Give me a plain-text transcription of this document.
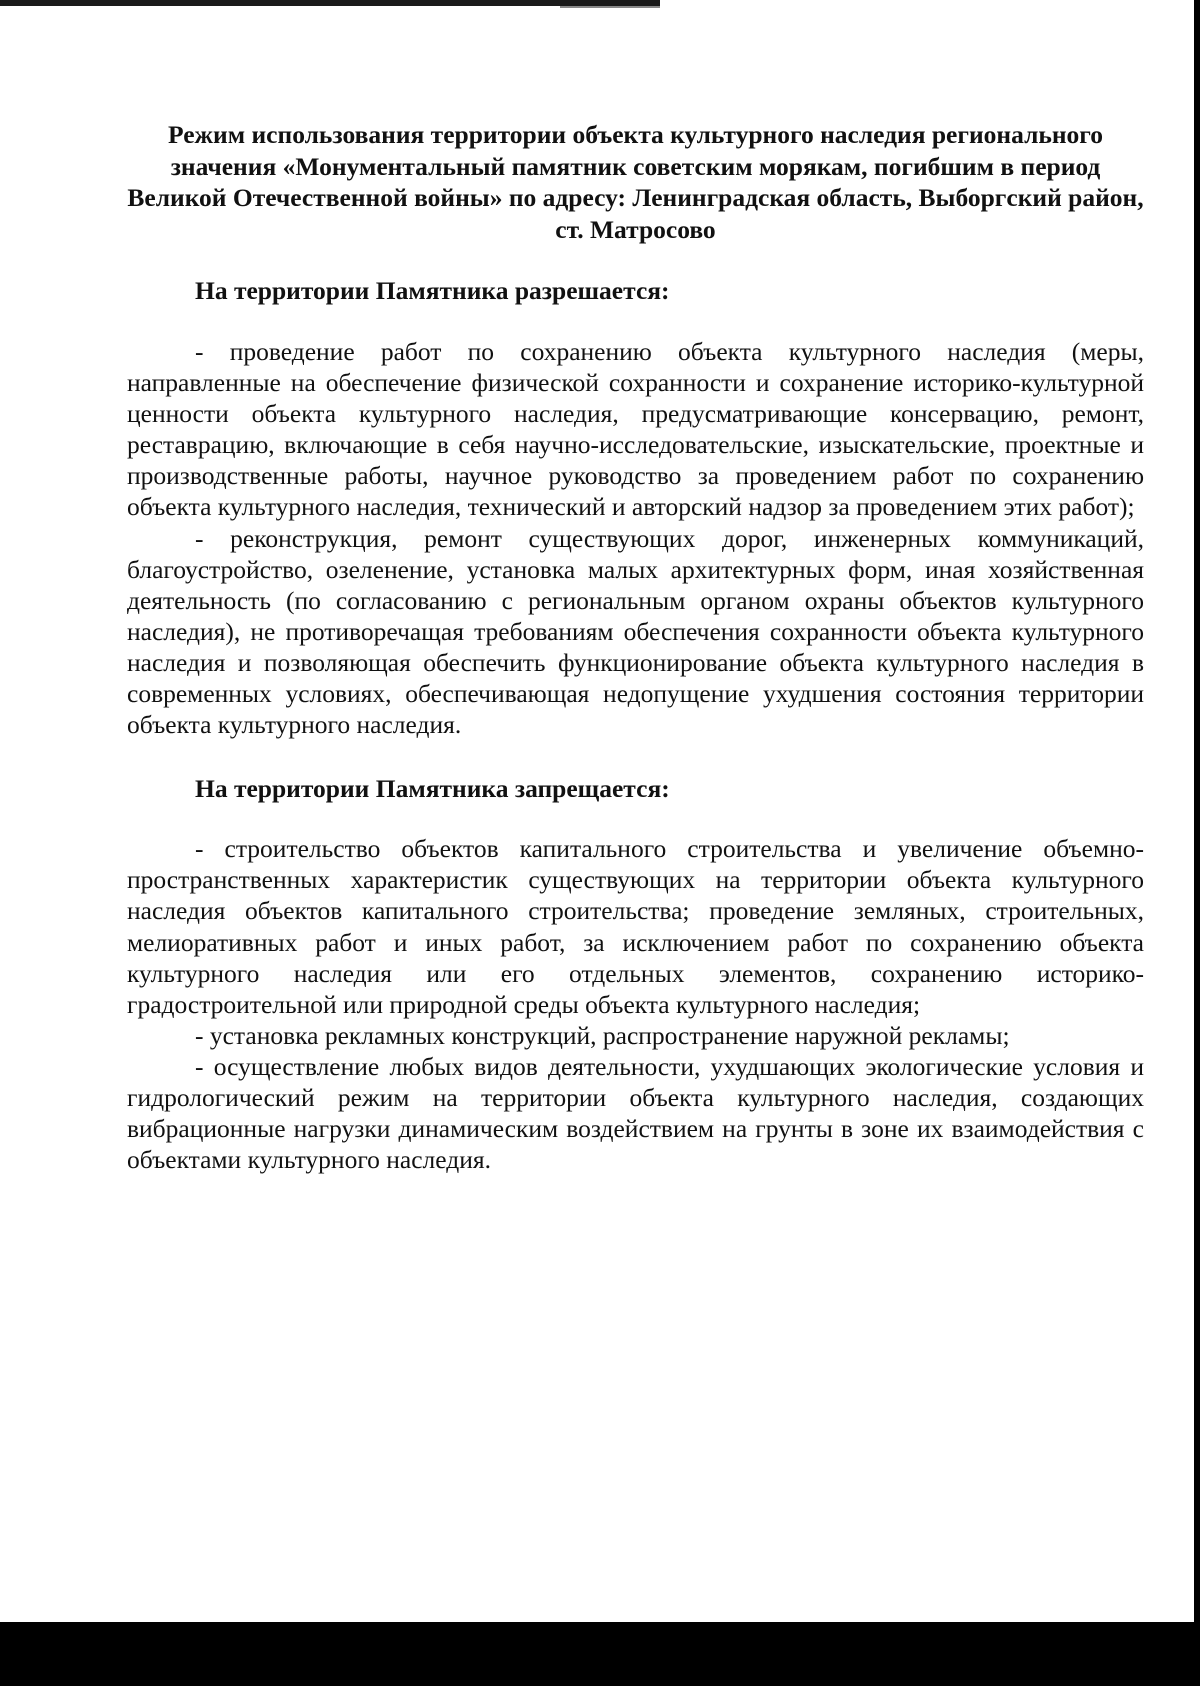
Режим использования территории объекта культурного наследия регионального значения «Монументальный памятник советским морякам, погибшим в период Великой Отечественной войны» по адресу: Ленинградская область, Выборгский район, ст. Матросово
На территории Памятника разрешается:
- проведение работ по сохранению объекта культурного наследия (меры, направленные на обеспечение физической сохранности и сохранение историко-культурной ценности объекта культурного наследия, предусматривающие консервацию, ремонт, реставрацию, включающие в себя научно-исследовательские, изыскательские, проектные и производственные работы, научное руководство за проведением работ по сохранению объекта культурного наследия, технический и авторский надзор за проведением этих работ);
- реконструкция, ремонт существующих дорог, инженерных коммуникаций, благоустройство, озеленение, установка малых архитектурных форм, иная хозяйственная деятельность (по согласованию с региональным органом охраны объектов культурного наследия), не противоречащая требованиям обеспечения сохранности объекта культурного наследия и позволяющая обеспечить функционирование объекта культурного наследия в современных условиях, обеспечивающая недопущение ухудшения состояния территории объекта культурного наследия.
На территории Памятника запрещается:
- строительство объектов капитального строительства и увеличение объемно-пространственных характеристик существующих на территории объекта культурного наследия объектов капитального строительства; проведение земляных, строительных, мелиоративных работ и иных работ, за исключением работ по сохранению объекта культурного наследия или его отдельных элементов, сохранению историко-градостроительной или природной среды объекта культурного наследия;
- установка рекламных конструкций, распространение наружной рекламы;
- осуществление любых видов деятельности, ухудшающих экологические условия и гидрологический режим на территории объекта культурного наследия, создающих вибрационные нагрузки динамическим воздействием на грунты в зоне их взаимодействия с объектами культурного наследия.
